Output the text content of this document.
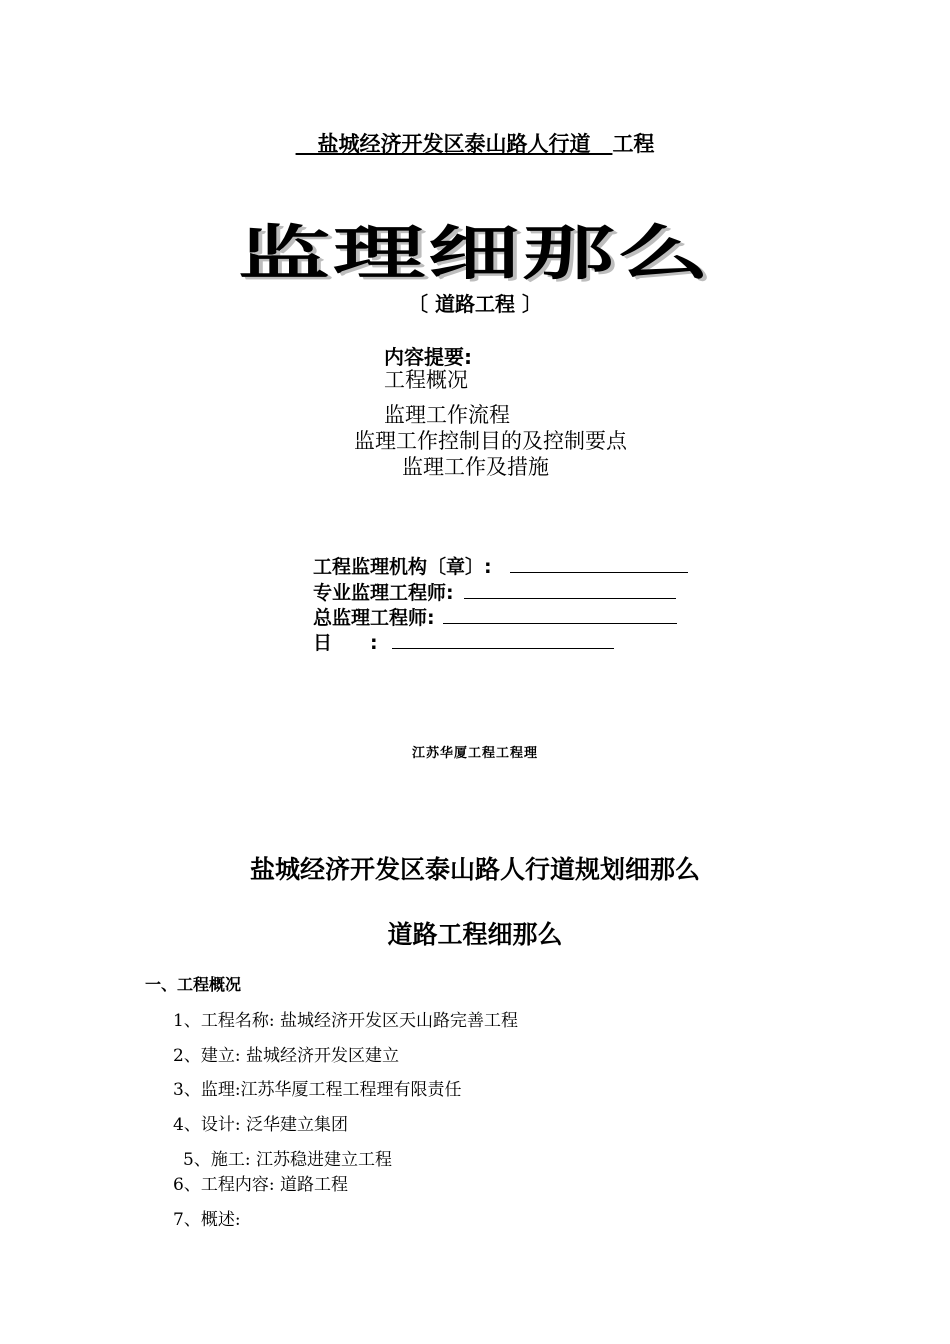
盐城经济开发区泰山路人行道 工程
监理细那么
〔 道路工程 〕
内容提要:
工程概况
监理工作流程
监理工作控制目的及控制要点
监理工作及措施
工程监理机构〔章〕:
专业监理工程师:
总监理工程师:
日　　:
江苏华厦工程工程理
盐城经济开发区泰山路人行道规划细那么
道路工程细那么
一、工程概况
1、工程名称: 盐城经济开发区天山路完善工程
2、建立: 盐城经济开发区建立
3、监理:江苏华厦工程工程理有限责任
4、设计: 泛华建立集团
5、施工: 江苏稳进建立工程
6、工程内容: 道路工程
7、概述:
